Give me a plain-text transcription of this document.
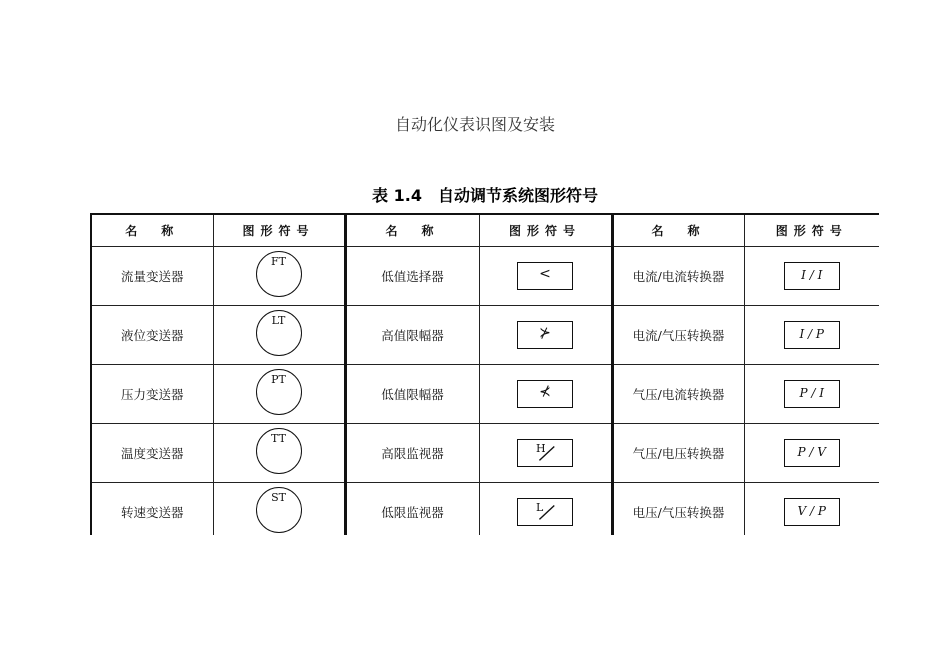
自动化仪表识图及安装
表 1.4　自动调节系统图形符号
名　称	图形符号	名　称	图形符号	名　称	图形符号
流量变送器	FT	低值选择器	<	电流/电流转换器	I / I

液位变送器	LT	高值限幅器	⊁	电流/气压转换器	I / P

压力变送器	PT	低值限幅器	⊀	气压/电流转换器	P / I

温度变送器	TT	高限监视器	H	气压/电压转换器	P / V

转速变送器	ST	低限监视器	L	电压/气压转换器	V / P
